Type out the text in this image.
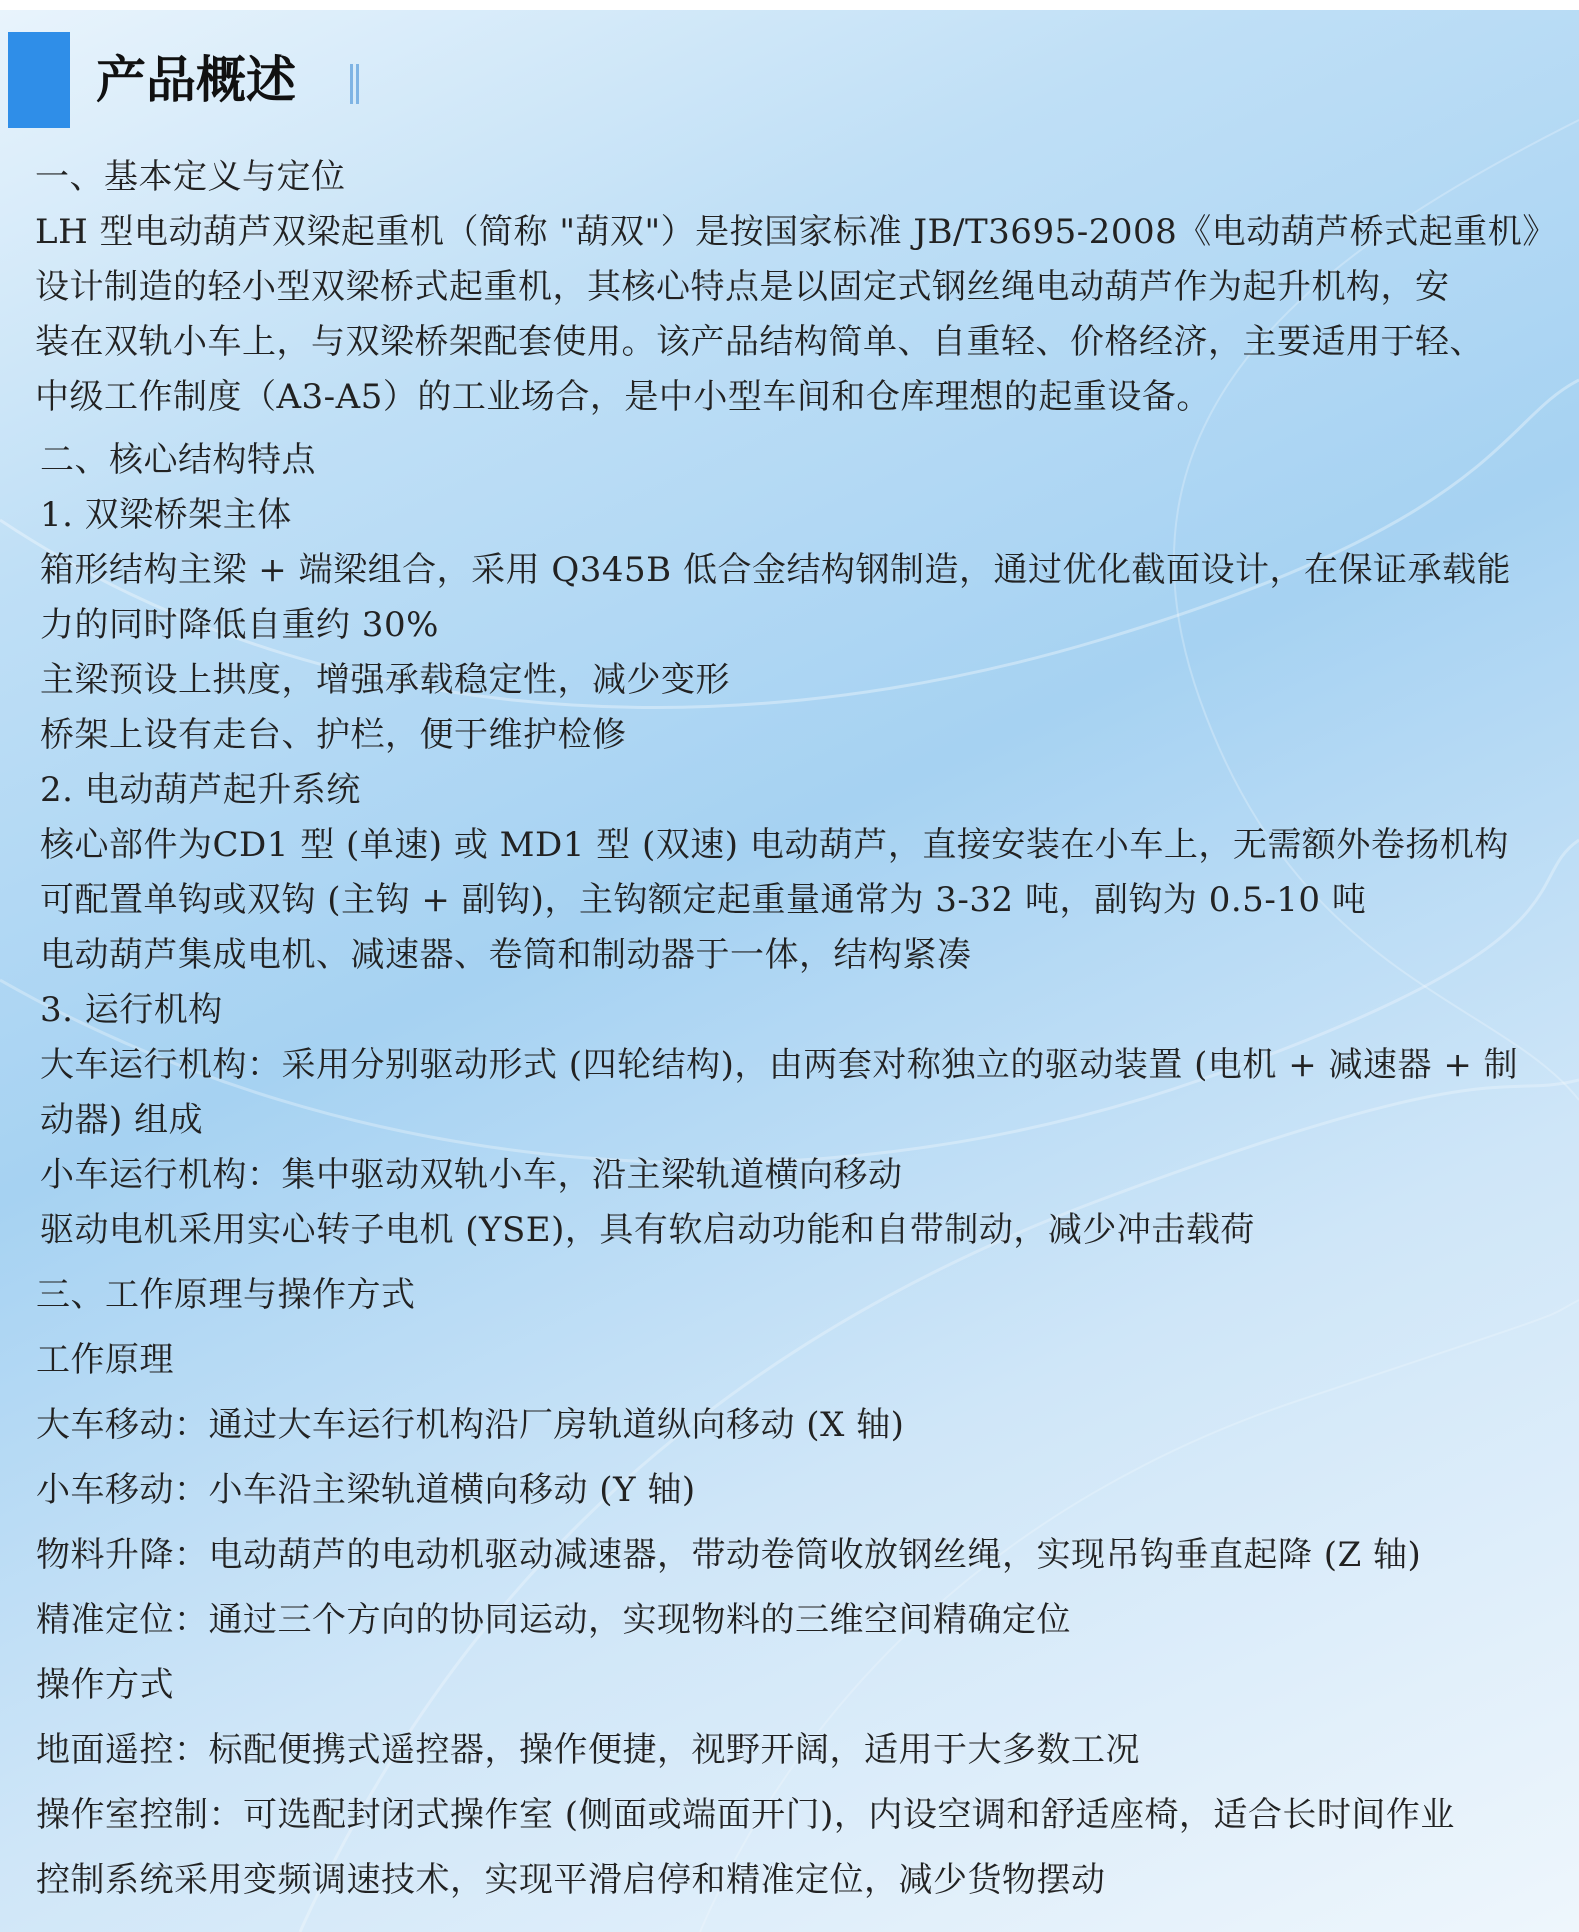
产品概述
一、基本定义与定位
LH 型电动葫芦双梁起重机（简称 "葫双"）是按国家标准 JB/T3695-2008《电动葫芦桥式起重机》
设计制造的轻小型双梁桥式起重机，其核心特点是以固定式钢丝绳电动葫芦作为起升机构，安
装在双轨小车上，与双梁桥架配套使用。该产品结构简单、自重轻、价格经济，主要适用于轻、
中级工作制度（A3-A5）的工业场合，是中小型车间和仓库理想的起重设备。
二、核心结构特点
1. 双梁桥架主体
箱形结构主梁 + 端梁组合，采用 Q345B 低合金结构钢制造，通过优化截面设计，在保证承载能
力的同时降低自重约 30%
主梁预设上拱度，增强承载稳定性，减少变形
桥架上设有走台、护栏，便于维护检修
2. 电动葫芦起升系统
核心部件为CD1 型 (单速) 或 MD1 型 (双速) 电动葫芦，直接安装在小车上，无需额外卷扬机构
可配置单钩或双钩 (主钩 + 副钩)，主钩额定起重量通常为 3-32 吨，副钩为 0.5-10 吨
电动葫芦集成电机、减速器、卷筒和制动器于一体，结构紧凑
3. 运行机构
大车运行机构：采用分别驱动形式 (四轮结构)，由两套对称独立的驱动装置 (电机 + 减速器 + 制
动器) 组成
小车运行机构：集中驱动双轨小车，沿主梁轨道横向移动
驱动电机采用实心转子电机 (YSE)，具有软启动功能和自带制动，减少冲击载荷
三、工作原理与操作方式
工作原理
大车移动：通过大车运行机构沿厂房轨道纵向移动 (X 轴)
小车移动：小车沿主梁轨道横向移动 (Y 轴)
物料升降：电动葫芦的电动机驱动减速器，带动卷筒收放钢丝绳，实现吊钩垂直起降 (Z 轴)
精准定位：通过三个方向的协同运动，实现物料的三维空间精确定位
操作方式
地面遥控：标配便携式遥控器，操作便捷，视野开阔，适用于大多数工况
操作室控制：可选配封闭式操作室 (侧面或端面开门)，内设空调和舒适座椅，适合长时间作业
控制系统采用变频调速技术，实现平滑启停和精准定位，减少货物摆动
